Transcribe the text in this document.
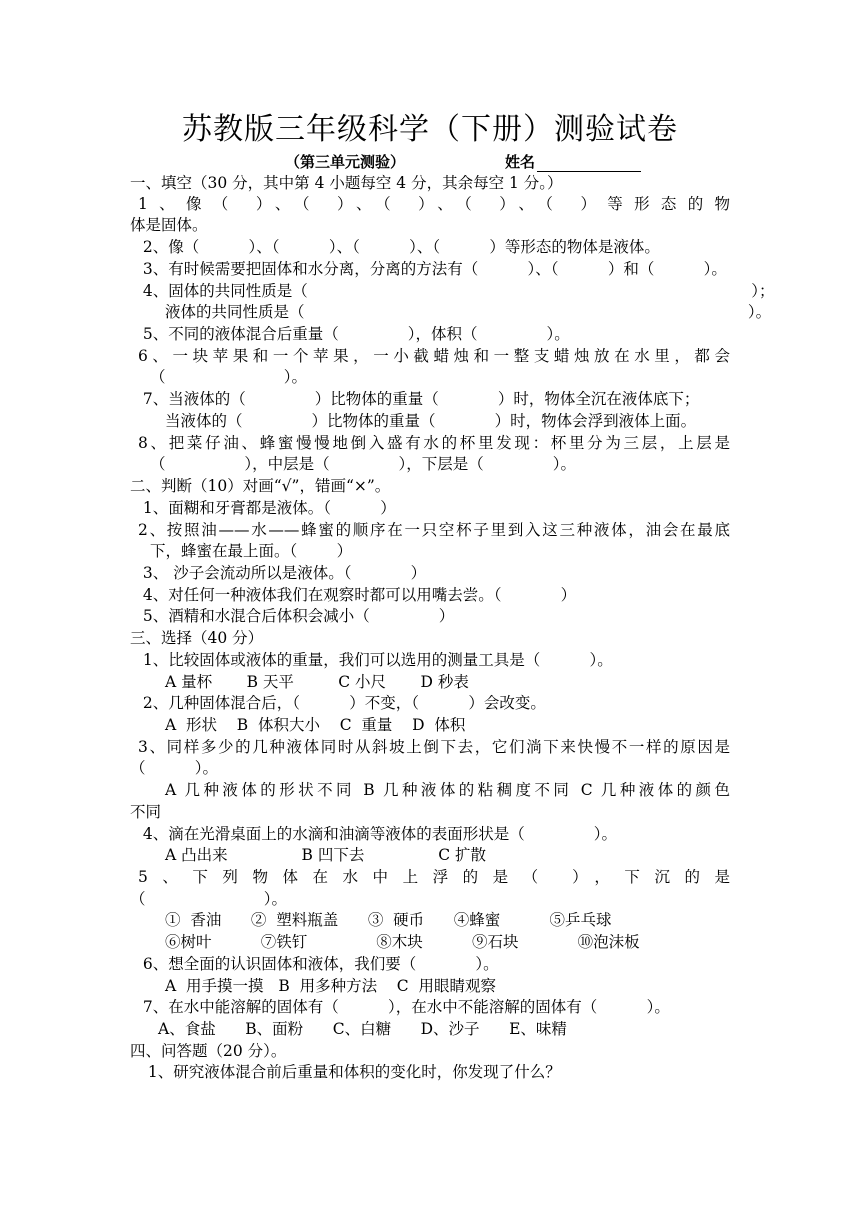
苏教版三年级科学（下册）测验试卷
（第三单元测验）	姓名
一、填空（30 分，其中第 4 小题每空 4 分，其余每空 1 分。）
1、像（ ）、（ ）、（ ）、（ ）、（ ）等形态的物
体是固体。
2、像（          ）、（          ）、（          ）、（          ）等形态的物体是液体。
3、有时候需要把固体和水分离，分离的方法有（          ）、（          ）和（          ）。
4、固体的共同性质是（                                                                                          ）；
液体的共同性质是（                                                                                          ）。
5、不同的液体混合后重量（              ），体积（              ）。
6、一块苹果和一个苹果，一小截蜡烛和一整支蜡烛放在水里，都会
（                        ）。
7、当液体的（              ）比物体的重量（            ）时，物体全沉在液体底下；
当液体的（              ）比物体的重量（            ）时，物体会浮到液体上面。
8、把菜仔油、蜂蜜慢慢地倒入盛有水的杯里发现：杯里分为三层，上层是
（                ），中层是（              ），下层是（              ）。
二、判断（10）对画“√”，错画“×”。
1、面糊和牙膏都是液体。（          ）
2、按照油——水——蜂蜜的顺序在一只空杯子里到入这三种液体，油会在最底
下，蜂蜜在最上面。（        ）
3、 沙子会流动所以是液体。（            ）
4、对任何一种液体我们在观察时都可以用嘴去尝。（            ）
5、酒精和水混合后体积会减小（              ）
三、选择（40 分）
1、比较固体或液体的重量，我们可以选用的测量工具是（          ）。
A 量杯       B 天平         C 小尺       D 秒表
2、几种固体混合后，（          ）不变，（          ）会改变。
A  形状    B  体积大小    C  重量    D  体积
3、同样多少的几种液体同时从斜坡上倒下去，它们淌下来快慢不一样的原因是
（          ）。
A 几种液体的形状不同 B 几种液体的粘稠度不同 C 几种液体的颜色
不同
4、滴在光滑桌面上的水滴和油滴等液体的表面形状是（              ）。
A 凸出来               B 凹下去               C 扩散
5、下列物体在水中上浮的是（ ），下沉的是
（                        ）。
①  香油      ②  塑料瓶盖      ③  硬币      ④蜂蜜          ⑤乒乓球
⑥树叶          ⑦铁钉              ⑧木块          ⑨石块            ⑩泡沫板
6、想全面的认识固体和液体，我们要（            ）。
A  用手摸一摸   B  用多种方法    C  用眼睛观察
7、在水中能溶解的固体有（          ），在水中不能溶解的固体有（          ）。
A、食盐      B、面粉      C、白糖      D、沙子      E、味精
四、问答题（20 分）。
1、研究液体混合前后重量和体积的变化时，你发现了什么？
